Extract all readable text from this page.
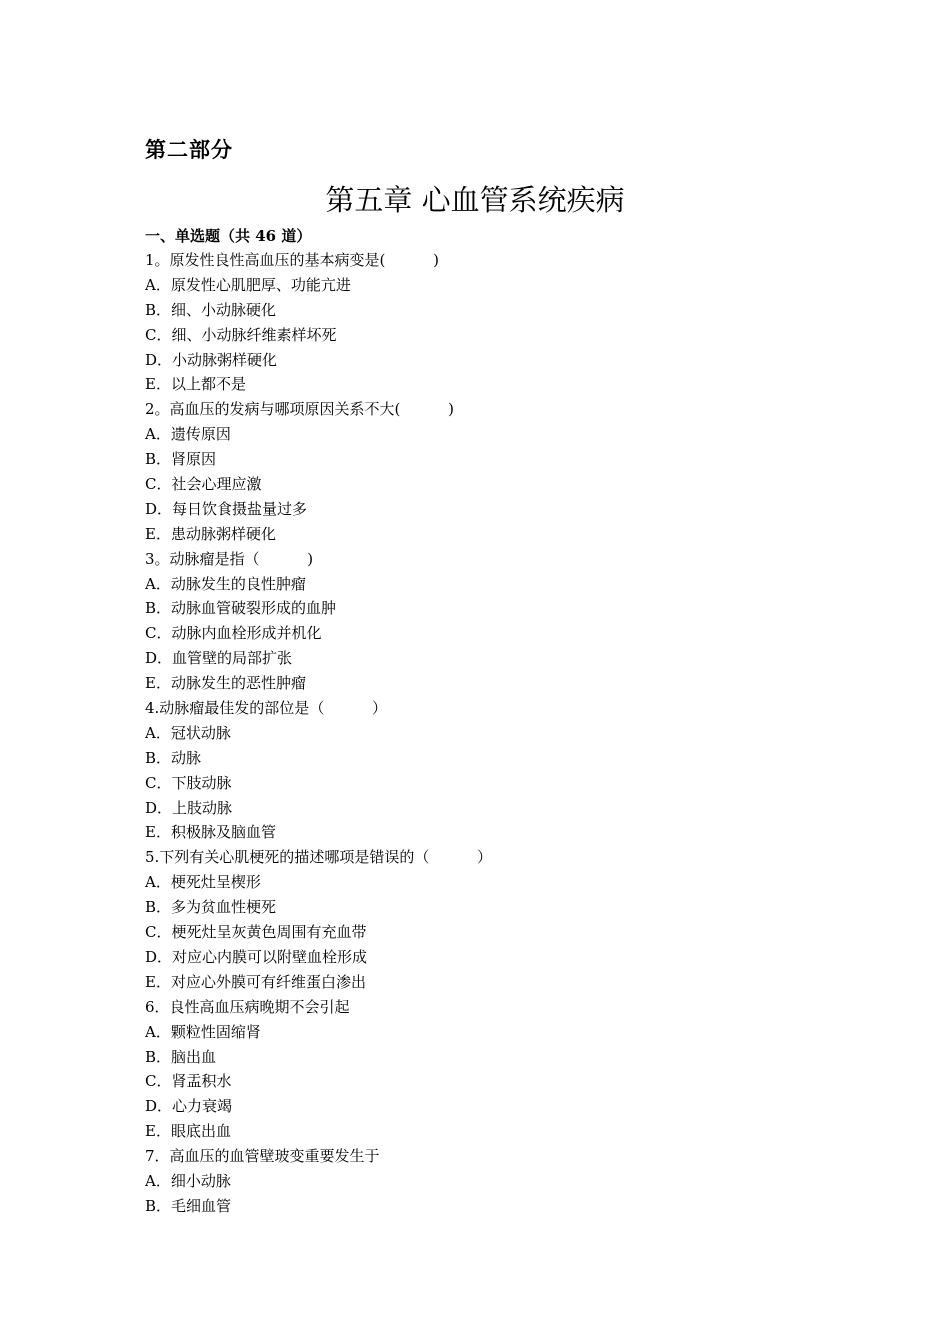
第二部分
第五章 心血管系统疾病
一、单选题（共 46 道）
1。原发性良性高血压的基本病变是(          )
A．原发性心肌肥厚、功能亢进
B．细、小动脉硬化
C．细、小动脉纤维素样坏死
D．小动脉粥样硬化
E．以上都不是
2。高血压的发病与哪项原因关系不大(          )
A．遗传原因
B．肾原因
C．社会心理应激
D．每日饮食摄盐量过多
E．患动脉粥样硬化
3。动脉瘤是指（          )
A．动脉发生的良性肿瘤
B．动脉血管破裂形成的血肿
C．动脉内血栓形成并机化
D．血管壁的局部扩张
E．动脉发生的恶性肿瘤
4.动脉瘤最佳发的部位是（          ）
A．冠状动脉
B．动脉
C．下肢动脉
D．上肢动脉
E．积极脉及脑血管
5.下列有关心肌梗死的描述哪项是错误的（          ）
A．梗死灶呈楔形
B．多为贫血性梗死
C．梗死灶呈灰黄色周围有充血带
D．对应心内膜可以附壁血栓形成
E．对应心外膜可有纤维蛋白渗出
6．良性高血压病晚期不会引起
A．颗粒性固缩肾
B．脑出血
C．肾盂积水
D．心力衰竭
E．眼底出血
7．高血压的血管壁玻变重要发生于
A．细小动脉
B．毛细血管
